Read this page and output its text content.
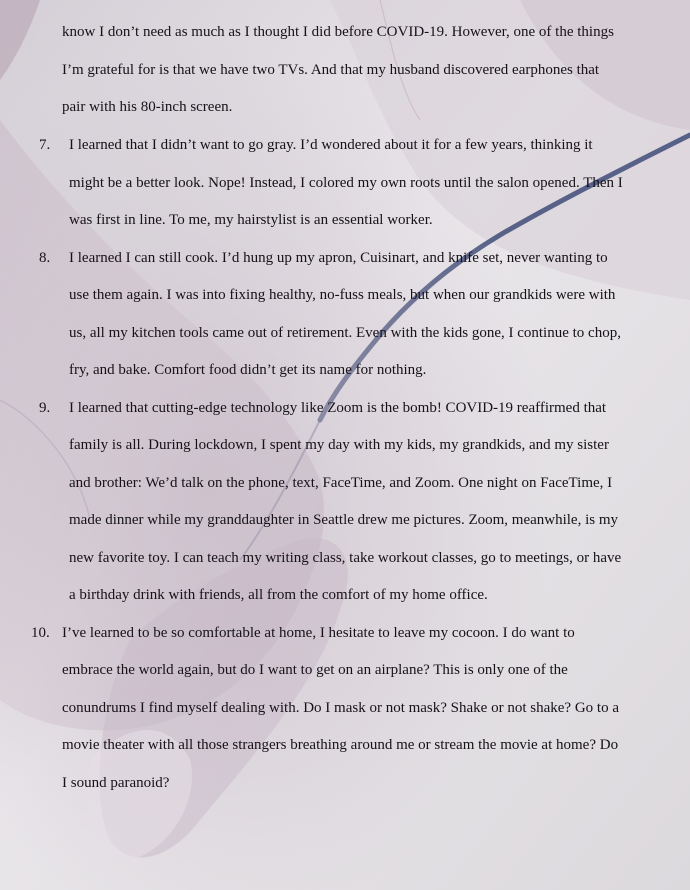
know I don’t need as much as I thought I did before COVID-19. However, one of the things
I’m grateful for is that we have two TVs. And that my husband discovered earphones that
pair with his 80-inch screen.
7. I learned that I didn’t want to go gray. I’d wondered about it for a few years, thinking it
might be a better look. Nope! Instead, I colored my own roots until the salon opened. Then I
was first in line. To me, my hairstylist is an essential worker.
8. I learned I can still cook. I’d hung up my apron, Cuisinart, and knife set, never wanting to
use them again. I was into fixing healthy, no-fuss meals, but when our grandkids were with
us, all my kitchen tools came out of retirement. Even with the kids gone, I continue to chop,
fry, and bake. Comfort food didn’t get its name for nothing.
9. I learned that cutting-edge technology like Zoom is the bomb! COVID-19 reaffirmed that
family is all. During lockdown, I spent my day with my kids, my grandkids, and my sister
and brother: We’d talk on the phone, text, FaceTime, and Zoom. One night on FaceTime, I
made dinner while my granddaughter in Seattle drew me pictures. Zoom, meanwhile, is my
new favorite toy. I can teach my writing class, take workout classes, go to meetings, or have
a birthday drink with friends, all from the comfort of my home office.
10. I’ve learned to be so comfortable at home, I hesitate to leave my cocoon. I do want to
embrace the world again, but do I want to get on an airplane? This is only one of the
conundrums I find myself dealing with. Do I mask or not mask? Shake or not shake? Go to a
movie theater with all those strangers breathing around me or stream the movie at home? Do
I sound paranoid?
